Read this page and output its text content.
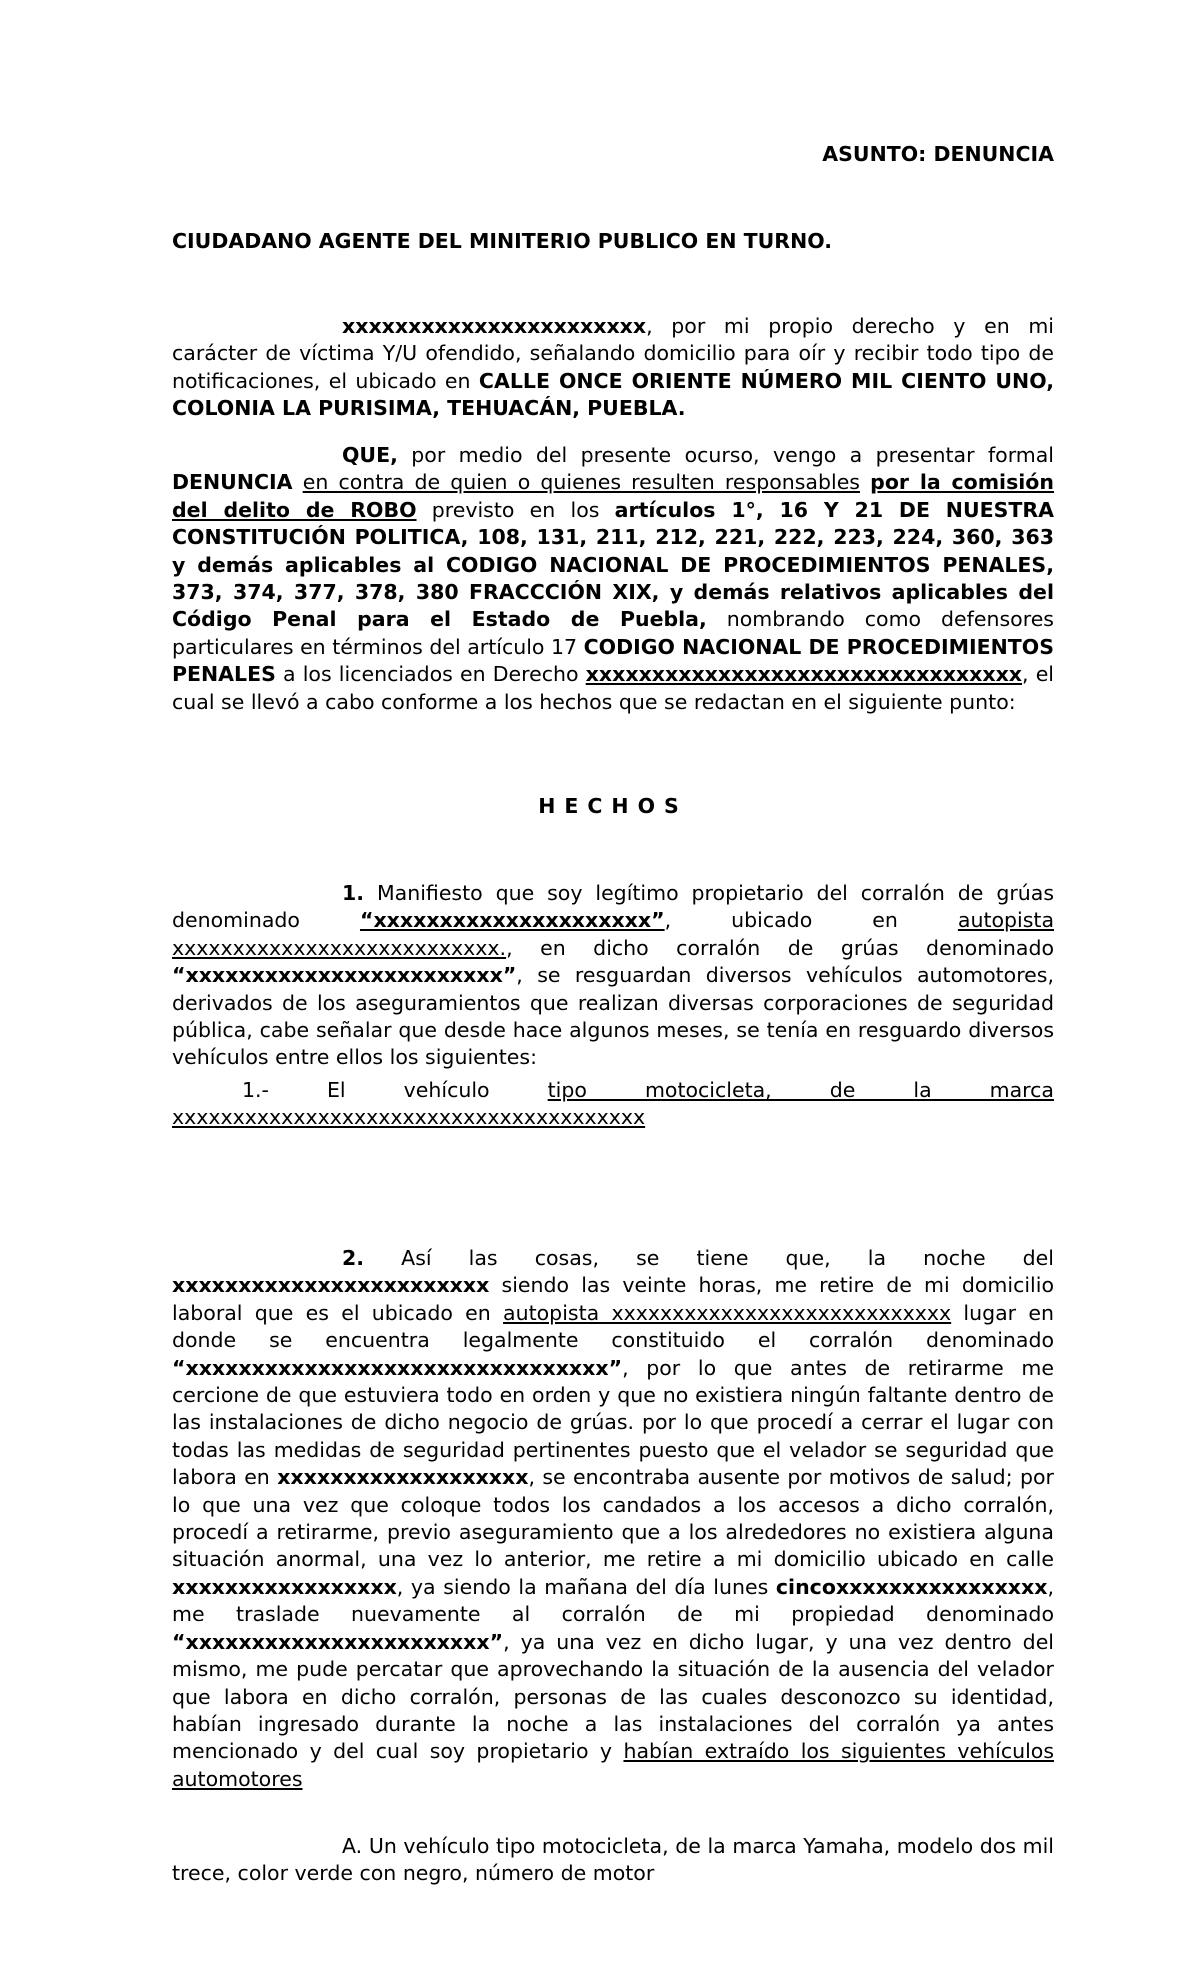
ASUNTO: DENUNCIA

CIUDADANO AGENTE DEL MINITERIO PUBLICO EN TURNO.

xxxxxxxxxxxxxxxxxxxxxxx, por mi propio derecho y en mi carácter de víctima Y/U ofendido, señalando domicilio para oír y recibir todo tipo de notificaciones, el ubicado en CALLE ONCE ORIENTE NÚMERO MIL CIENTO UNO, COLONIA LA PURISIMA, TEHUACÁN, PUEBLA.

QUE, por medio del presente ocurso, vengo a presentar formal DENUNCIA en contra de quien o quienes resulten responsables por la comisión del delito de ROBO previsto en los artículos 1°, 16 Y 21 DE NUESTRA CONSTITUCIÓN POLITICA, 108, 131, 211, 212, 221, 222, 223, 224, 360, 363 y demás aplicables al CODIGO NACIONAL DE PROCEDIMIENTOS PENALES, 373, 374, 377, 378, 380 FRACCCIÓN XIX, y demás relativos aplicables del Código Penal para el Estado de Puebla, nombrando como defensores particulares en términos del artículo 17 CODIGO NACIONAL DE PROCEDIMIENTOS PENALES a los licenciados en Derecho xxxxxxxxxxxxxxxxxxxxxxxxxxxxxxxxx, el cual se llevó a cabo conforme a los hechos que se redactan en el siguiente punto:

HECHOS

1. Manifiesto que soy legítimo propietario del corralón de grúas denominado “xxxxxxxxxxxxxxxxxxxxx”, ubicado en autopista xxxxxxxxxxxxxxxxxxxxxxxxxxx., en dicho corralón de grúas denominado “xxxxxxxxxxxxxxxxxxxxxxxx”, se resguardan diversos vehículos automotores, derivados de los aseguramientos que realizan diversas corporaciones de seguridad pública, cabe señalar que desde hace algunos meses, se tenía en resguardo diversos vehículos entre ellos los siguientes:

1.- El vehículo tipo motocicleta, de la marca xxxxxxxxxxxxxxxxxxxxxxxxxxxxxxxxxxxxxxx

2. Así las cosas, se tiene que, la noche del xxxxxxxxxxxxxxxxxxxxxxxx siendo las veinte horas, me retire de mi domicilio laboral que es el ubicado en autopista xxxxxxxxxxxxxxxxxxxxxxxxxxxx lugar en donde se encuentra legalmente constituido el corralón denominado “xxxxxxxxxxxxxxxxxxxxxxxxxxxxxxxx”, por lo que antes de retirarme me cercione de que estuviera todo en orden y que no existiera ningún faltante dentro de las instalaciones de dicho negocio de grúas. por lo que procedí a cerrar el lugar con todas las medidas de seguridad pertinentes puesto que el velador se seguridad que labora en xxxxxxxxxxxxxxxxxxx, se encontraba ausente por motivos de salud; por lo que una vez que coloque todos los candados a los accesos a dicho corralón, procedí a retirarme, previo aseguramiento que a los alrededores no existiera alguna situación anormal, una vez lo anterior, me retire a mi domicilio ubicado en calle xxxxxxxxxxxxxxxxx, ya siendo la mañana del día lunes cincoxxxxxxxxxxxxxxxx, me traslade nuevamente al corralón de mi propiedad denominado “xxxxxxxxxxxxxxxxxxxxxxx”, ya una vez en dicho lugar, y una vez dentro del mismo, me pude percatar que aprovechando la situación de la ausencia del velador que labora en dicho corralón, personas de las cuales desconozco su identidad, habían ingresado durante la noche a las instalaciones del corralón ya antes mencionado y del cual soy propietario y habían extraído los siguientes vehículos automotores

A. Un vehículo tipo motocicleta, de la marca Yamaha, modelo dos mil trece, color verde con negro, número de motor
